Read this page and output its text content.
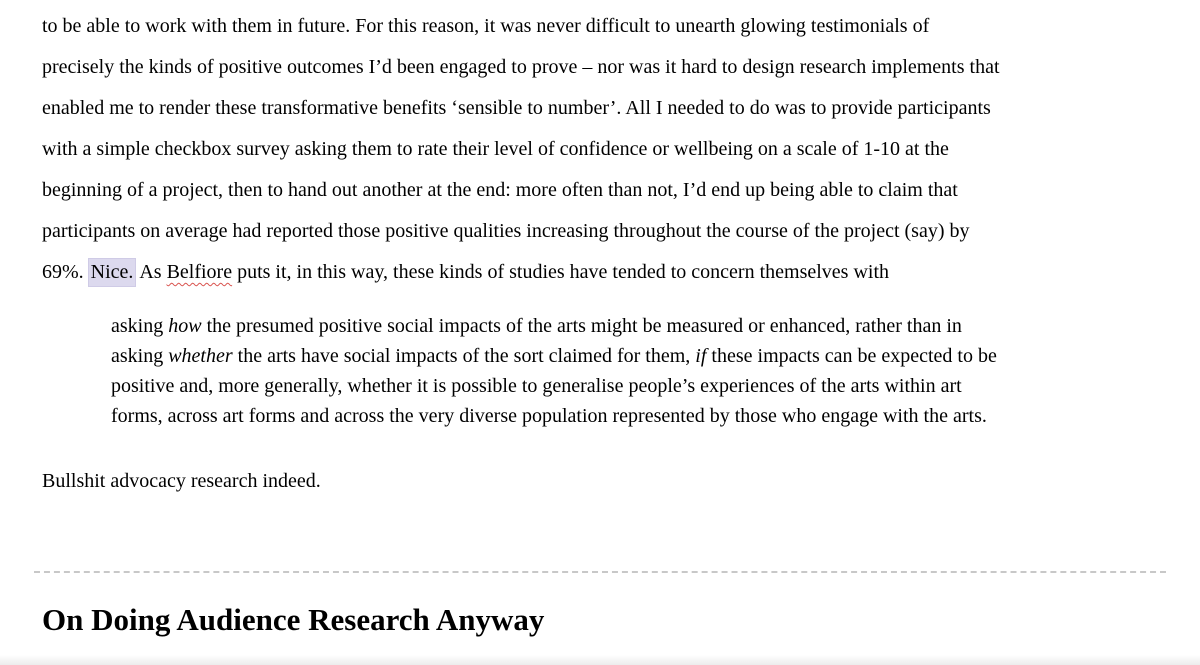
to be able to work with them in future. For this reason, it was never difficult to unearth glowing testimonials of
precisely the kinds of positive outcomes I’d been engaged to prove – nor was it hard to design research implements that
enabled me to render these transformative benefits ‘sensible to number’. All I needed to do was to provide participants
with a simple checkbox survey asking them to rate their level of confidence or wellbeing on a scale of 1-10 at the
beginning of a project, then to hand out another at the end: more often than not, I’d end up being able to claim that
participants on average had reported those positive qualities increasing throughout the course of the project (say) by
69%. Nice. As Belfiore puts it, in this way, these kinds of studies have tended to concern themselves with
asking how the presumed positive social impacts of the arts might be measured or enhanced, rather than in
asking whether the arts have social impacts of the sort claimed for them, if these impacts can be expected to be
positive and, more generally, whether it is possible to generalise people’s experiences of the arts within art
forms, across art forms and across the very diverse population represented by those who engage with the arts.
Bullshit advocacy research indeed.
On Doing Audience Research Anyway
